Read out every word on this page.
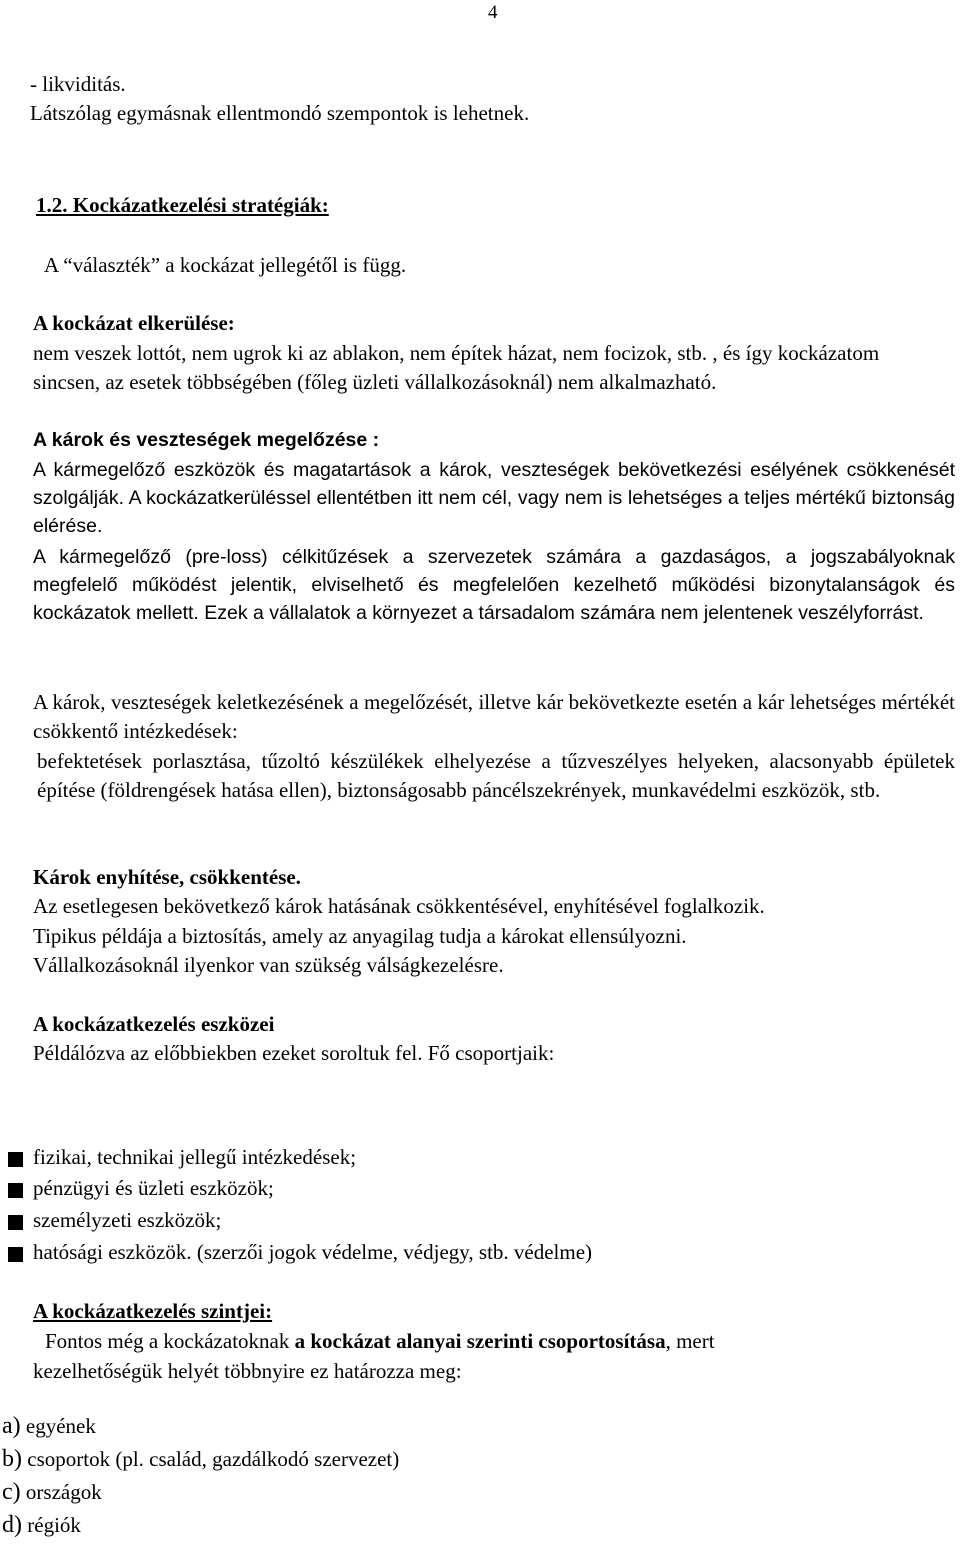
4
- likviditás.
Látszólag egymásnak ellentmondó szempontok is lehetnek.
1.2. Kockázatkezelési stratégiák:
A “választék” a kockázat jellegétől is függ.
A kockázat elkerülése:
nem veszek lottót, nem ugrok ki az ablakon, nem építek házat, nem focizok, stb. , és így kockázatom sincsen, az esetek többségében (főleg üzleti vállalkozásoknál) nem alkalmazható.
A károk és veszteségek megelőzése :
A kármegelőző eszközök és magatartások a károk, veszteségek bekövetkezési esélyének csökkenését szolgálják. A kockázatkerüléssel ellentétben itt nem cél, vagy nem is lehetséges a teljes mértékű biztonság elérése.
A kármegelőző (pre-loss) célkitűzések a szervezetek számára a gazdaságos, a jogszabályoknak megfelelő működést jelentik, elviselhető és megfelelően kezelhető működési bizonytalanságok és kockázatok mellett. Ezek a vállalatok a környezet a társadalom számára nem jelentenek veszélyforrást.
A károk, veszteségek keletkezésének a megelőzését, illetve kár bekövetkezte esetén a kár lehetséges mértékét csökkentő intézkedések:
befektetések porlasztása, tűzoltó készülékek elhelyezése a tűzveszélyes helyeken, alacsonyabb épületek építése (földrengések hatása ellen), biztonságosabb páncélszekrények, munkavédelmi eszközök, stb.
Károk enyhítése, csökkentése.
Az esetlegesen bekövetkező károk hatásának csökkentésével, enyhítésével foglalkozik.
Tipikus példája a biztosítás, amely az anyagilag tudja a károkat ellensúlyozni.
Vállalkozásoknál ilyenkor van szükség válságkezelésre.
A kockázatkezelés eszközei
Példálózva az előbbiekben ezeket soroltuk fel. Fő csoportjaik:
fizikai, technikai jellegű intézkedések;
pénzügyi és üzleti eszközök;
személyzeti eszközök;
hatósági eszközök. (szerzői jogok védelme, védjegy, stb. védelme)
A kockázatkezelés szintjei:
Fontos még a kockázatoknak a kockázat alanyai szerinti csoportosítása, mert
kezelhetőségük helyét többnyire ez határozza meg:
a) egyének
b) csoportok (pl. család, gazdálkodó szervezet)
c) országok
d) régiók
